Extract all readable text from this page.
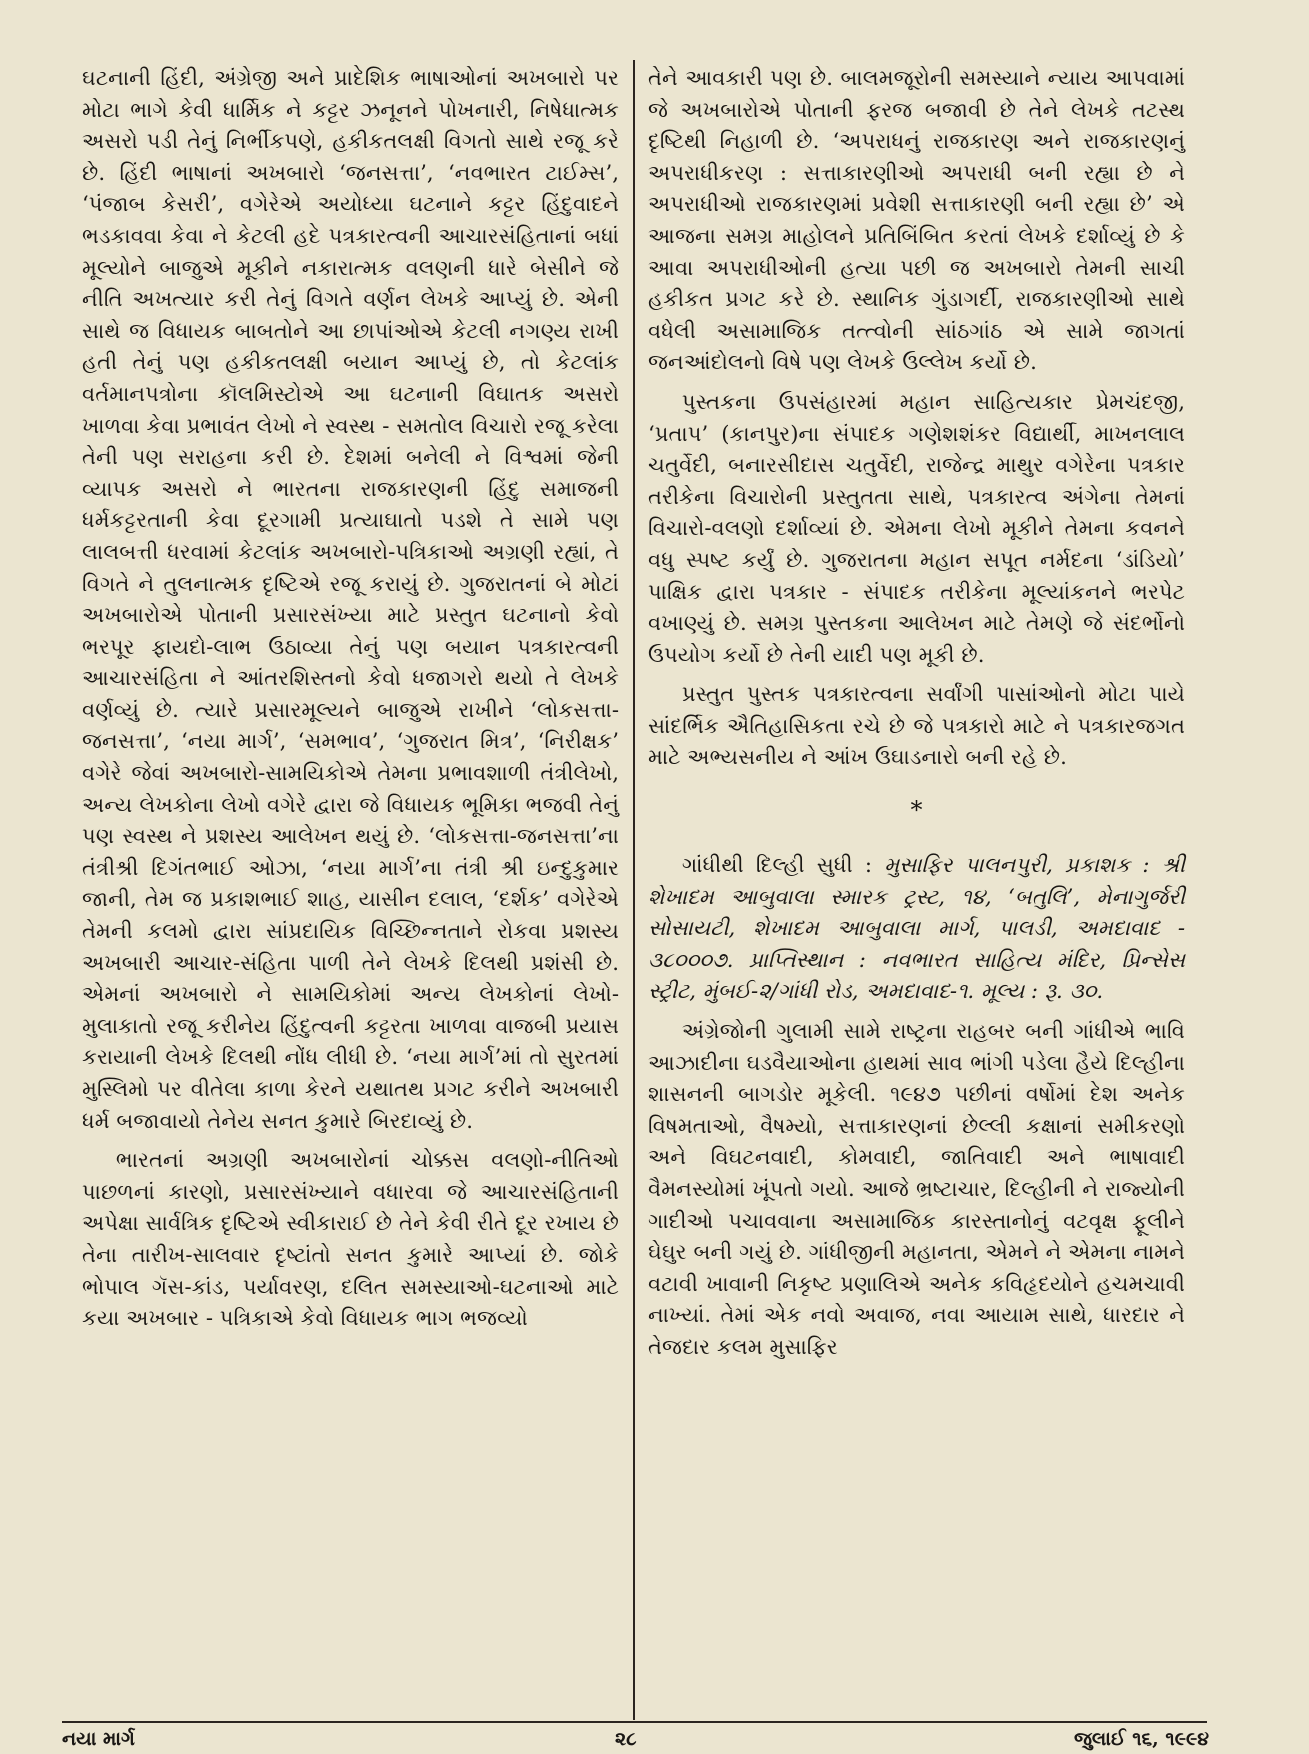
ઘટનાની હિંદી, અંગ્રેજી અને પ્રાદેશિક ભાષાઓનાં અખબારો પર મોટા ભાગે કેવી ધાર્મિક ને કટ્ટર ઝનૂનને પોખનારી, નિષેધાત્મક અસરો પડી તેનું નિર્ભીકપણે, હકીકતલક્ષી વિગતો સાથે રજૂ કરે છે. હિંદી ભાષાનાં અખબારો ‘જનસત્તા’, ‘નવભારત ટાઈમ્સ’, ‘પંજાબ કેસરી’, વગેરેએ અયોધ્યા ઘટનાને કટ્ટર હિંદુવાદને ભડકાવવા કેવા ને કેટલી હદે પત્રકારત્વની આચારસંહિતાનાં બધાં મૂલ્યોને બાજુએ મૂકીને નકારાત્મક વલણની ધારે બેસીને જે નીતિ અખત્યાર કરી તેનું વિગતે વર્ણન લેખકે આપ્યું છે. એની સાથે જ વિધાયક બાબતોને આ છાપાંઓએ કેટલી નગણ્ય રાખી હતી તેનું પણ હકીકતલક્ષી બયાન આપ્યું છે, તો કેટલાંક વર્તમાનપત્રોના કૉલમિસ્ટોએ આ ઘટનાની વિઘાતક અસરો ખાળવા કેવા પ્રભાવંત લેખો ને સ્વસ્થ - સમતોલ વિચારો રજૂ કરેલા તેની પણ સરાહના કરી છે. દેશમાં બનેલી ને વિશ્વમાં જેની વ્યાપક અસરો ને ભારતના રાજકારણની હિંદુ સમાજની ધર્મકટ્ટરતાની કેવા દૂરગામી પ્રત્યાઘાતો પડશે તે સામે પણ લાલબત્તી ધરવામાં કેટલાંક અખબારો-પત્રિકાઓ અગ્રણી રહ્યાં, તે વિગતે ને તુલનાત્મક દૃષ્ટિએ રજૂ કરાયું છે. ગુજરાતનાં બે મોટાં અખબારોએ પોતાની પ્રસારસંખ્યા માટે પ્રસ્તુત ઘટનાનો કેવો ભરપૂર ફાયદો-લાભ ઉઠાવ્યા તેનું પણ બયાન પત્રકારત્વની આચારસંહિતા ને આંતરશિસ્તનો કેવો ધજાગરો થયો તે લેખકે વર્ણવ્યું છે. ત્યારે પ્રસારમૂલ્યને બાજુએ રાખીને ‘લોકસત્તા-જનસત્તા’, ‘નયા માર્ગ’, ‘સમભાવ’, ‘ગુજરાત મિત્ર’, ‘નિરીક્ષક’ વગેરે જેવાં અખબારો-સામયિકોએ તેમના પ્રભાવશાળી તંત્રીલેખો, અન્ય લેખકોના લેખો વગેરે દ્વારા જે વિધાયક ભૂમિકા ભજવી તેનું પણ સ્વસ્થ ને પ્રશસ્ય આલેખન થયું છે. ‘લોકસત્તા-જનસત્તા’ના તંત્રીશ્રી દિગંતભાઈ ઓઝા, ‘નયા માર્ગ’ના તંત્રી શ્રી ઇન્દુકુમાર જાની, તેમ જ પ્રકાશભાઈ શાહ, યાસીન દલાલ, ‘દર્શક’ વગેરેએ તેમની કલમો દ્વારા સાંપ્રદાયિક વિચ્છિન્નતાને રોકવા પ્રશસ્ય અખબારી આચાર-સંહિતા પાળી તેને લેખકે દિલથી પ્રશંસી છે. એમનાં અખબારો ને સામયિકોમાં અન્ય લેખકોનાં લેખો-મુલાકાતો રજૂ કરીનેય હિંદુત્વની કટ્ટરતા ખાળવા વાજબી પ્રયાસ કરાયાની લેખકે દિલથી નોંધ લીધી છે. ‘નયા માર્ગ’માં તો સુરતમાં મુસ્લિમો પર વીતેલા કાળા કેરને યથાતથ પ્રગટ કરીને અખબારી ધર્મ બજાવાયો તેનેય સનત કુમારે બિરદાવ્યું છે.

ભારતનાં અગ્રણી અખબારોનાં ચોક્કસ વલણો-નીતિઓ પાછળનાં કારણો, પ્રસારસંખ્યાને વધારવા જે આચારસંહિતાની અપેક્ષા સાર્વત્રિક દૃષ્ટિએ સ્વીકારાઈ છે તેને કેવી રીતે દૂર રખાય છે તેના તારીખ-સાલવાર દૃષ્ટાંતો સનત કુમારે આપ્યાં છે. જોકે ભોપાલ ગૅસ-કાંડ, પર્યાવરણ, દલિત સમસ્યાઓ-ઘટનાઓ માટે કયા અખબાર - પત્રિકાએ કેવો વિધાયક ભાગ ભજવ્યો

તેને આવકારી પણ છે. બાલમજૂરોની સમસ્યાને ન્યાય આપવામાં જે અખબારોએ પોતાની ફરજ બજાવી છે તેને લેખકે તટસ્થ દૃષ્ટિથી નિહાળી છે. ‘અપરાધનું રાજકારણ અને રાજકારણનું અપરાધીકરણ : સત્તાકારણીઓ અપરાધી બની રહ્યા છે ને અપરાધીઓ રાજકારણમાં પ્રવેશી સત્તાકારણી બની રહ્યા છે’ એ આજના સમગ્ર માહોલને પ્રતિબિંબિત કરતાં લેખકે દર્શાવ્યું છે કે આવા અપરાધીઓની હત્યા પછી જ અખબારો તેમની સાચી હકીકત પ્રગટ કરે છે. સ્થાનિક ગુંડાગર્દી, રાજકારણીઓ સાથે વધેલી અસામાજિક તત્ત્વોની સાંઠગાંઠ એ સામે જાગતાં જનઆંદોલનો વિષે પણ લેખકે ઉલ્લેખ કર્યો છે.

પુસ્તકના ઉપસંહારમાં મહાન સાહિત્યકાર પ્રેમચંદજી, ‘પ્રતાપ’ (કાનપુર)ના સંપાદક ગણેશશંકર વિદ્યાર્થી, માખનલાલ ચતુર્વેદી, બનારસીદાસ ચતુર્વેદી, રાજેન્દ્ર માથુર વગેરેના પત્રકાર તરીકેના વિચારોની પ્રસ્તુતતા સાથે, પત્રકારત્વ અંગેના તેમનાં વિચારો-વલણો દર્શાવ્યાં છે. એમના લેખો મૂકીને તેમના કવનને વધુ સ્પષ્ટ કર્યું છે. ગુજરાતના મહાન સપૂત નર્મદના ‘ડાંડિયો’ પાક્ષિક દ્વારા પત્રકાર - સંપાદક તરીકેના મૂલ્યાંકનને ભરપેટ વખાણ્યું છે. સમગ્ર પુસ્તકના આલેખન માટે તેમણે જે સંદર્ભોનો ઉપયોગ કર્યો છે તેની યાદી પણ મૂકી છે.

પ્રસ્તુત પુસ્તક પત્રકારત્વના સર્વાંગી પાસાંઓનો મોટા પાયે સાંદર્ભિક ઐતિહાસિકતા રચે છે જે પત્રકારો માટે ને પત્રકારજગત માટે અભ્યસનીય ને આંખ ઉઘાડનારો બની રહે છે.

*

ગાંધીથી દિલ્હી સુધી : મુસાફિર પાલનપુરી, પ્રકાશક : શ્રી શેખાદમ આબુવાલા સ્મારક ટ્રસ્ટ, ૧૪, ‘બતુલિ’, મેનાગુર્જરી સોસાયટી, શેખાદમ આબુવાલા માર્ગ, પાલડી, અમદાવાદ - ૩૮૦૦૦૭. પ્રાપ્તિસ્થાન : નવભારત સાહિત્ય મંદિર, પ્રિન્સેસ સ્ટ્રીટ, મુંબઈ-૨/ગાંધી રોડ, અમદાવાદ-૧. મૂલ્ય : રૂ. ૩૦.

અંગ્રેજોની ગુલામી સામે રાષ્ટ્રના રાહબર બની ગાંધીએ ભાવિ આઝાદીના ઘડવૈયાઓના હાથમાં સાવ ભાંગી પડેલા હૈયે દિલ્હીના શાસનની બાગડોર મૂકેલી. ૧૯૪૭ પછીનાં વર્ષોમાં દેશ અનેક વિષમતાઓ, વૈષમ્યો, સત્તાકારણનાં છેલ્લી કક્ષાનાં સમીકરણો અને વિઘટનવાદી, કોમવાદી, જાતિવાદી અને ભાષાવાદી વૈમનસ્યોમાં ખૂંપતો ગયો. આજે ભ્રષ્ટાચાર, દિલ્હીની ને રાજ્યોની ગાદીઓ પચાવવાના અસામાજિક કારસ્તાનોનું વટવૃક્ષ ફૂલીને ઘેઘુર બની ગયું છે. ગાંધીજીની મહાનતા, એમને ને એમના નામને વટાવી ખાવાની નિકૃષ્ટ પ્રણાલિએ અનેક કવિહૃદયોને હચમચાવી નાખ્યાં. તેમાં એક નવો અવાજ, નવા આયામ સાથે, ધારદાર ને તેજદાર કલમ મુસાફિર

નયા માર્ગ	૨૮	જુલાઈ ૧૬, ૧૯૯૪
